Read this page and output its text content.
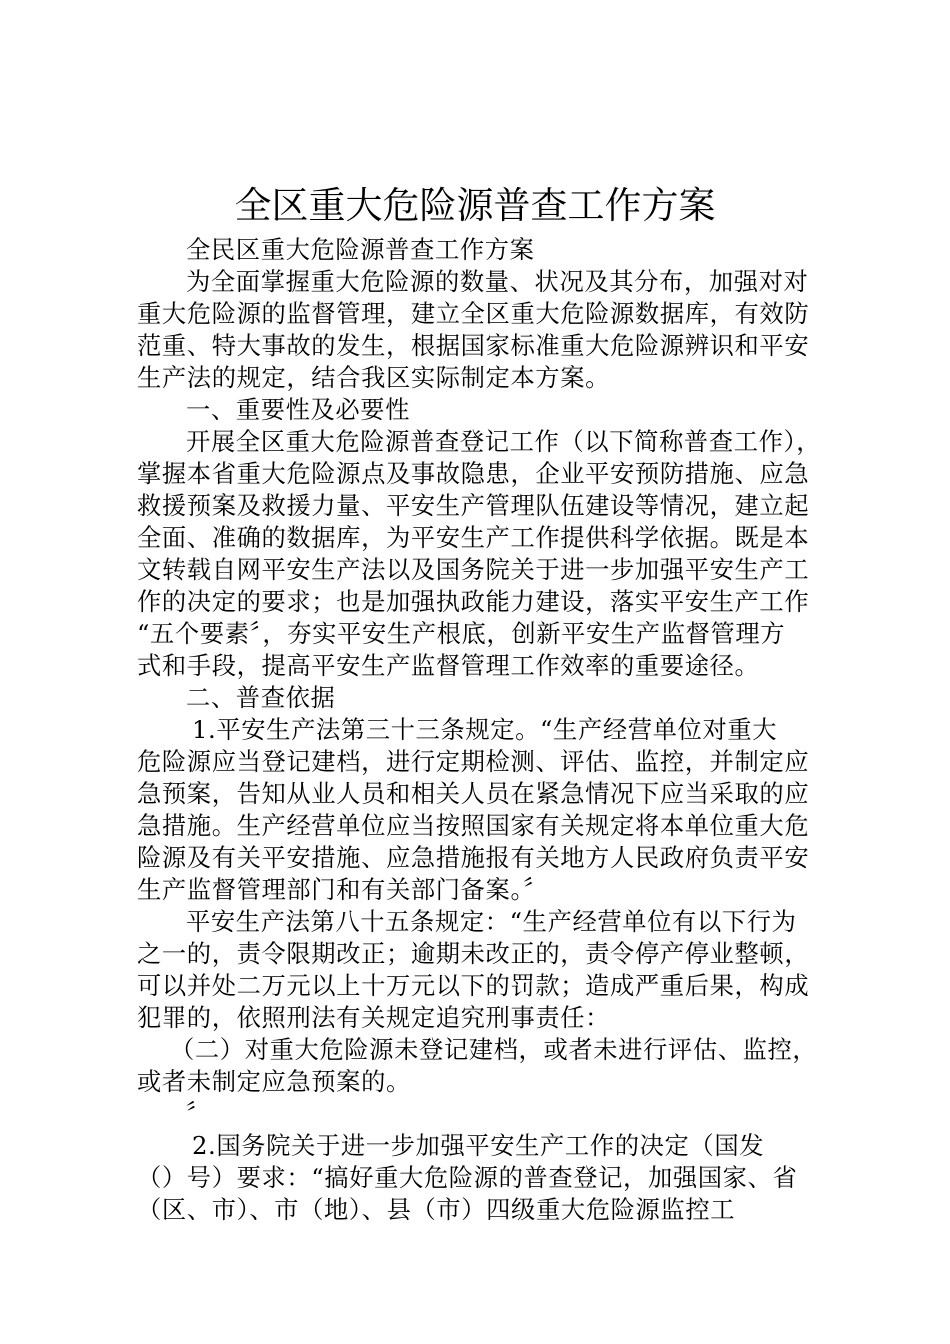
全区重大危险源普查工作方案
全民区重大危险源普查工作方案
为全面掌握重大危险源的数量、状况及其分布，加强对对
重大危险源的监督管理，建立全区重大危险源数据库，有效防
范重、特大事故的发生，根据国家标准重大危险源辨识和平安
生产法的规定，结合我区实际制定本方案。
一、重要性及必要性
开展全区重大危险源普查登记工作（以下简称普查工作），
掌握本省重大危险源点及事故隐患，企业平安预防措施、应急
救援预案及救援力量、平安生产管理队伍建设等情况，建立起
全面、准确的数据库，为平安生产工作提供科学依据。既是本
文转载自网平安生产法以及国务院关于进一步加强平安生产工
作的决定的要求；也是加强执政能力建设，落实平安生产工作
“五个要素〞，夯实平安生产根底，创新平安生产监督管理方
式和手段，提高平安生产监督管理工作效率的重要途径。
二、普查依据
1.平安生产法第三十三条规定。“生产经营单位对重大
危险源应当登记建档，进行定期检测、评估、监控，并制定应
急预案，告知从业人员和相关人员在紧急情况下应当采取的应
急措施。生产经营单位应当按照国家有关规定将本单位重大危
险源及有关平安措施、应急措施报有关地方人民政府负责平安
生产监督管理部门和有关部门备案。〞
平安生产法第八十五条规定：“生产经营单位有以下行为
之一的，责令限期改正；逾期未改正的，责令停产停业整顿，
可以并处二万元以上十万元以下的罚款；造成严重后果，构成
犯罪的，依照刑法有关规定追究刑事责任：
（二）对重大危险源未登记建档，或者未进行评估、监控，
或者未制定应急预案的。
〞
2.国务院关于进一步加强平安生产工作的决定（国发
（）号）要求：“搞好重大危险源的普查登记，加强国家、省
（区、市）、市（地）、县（市）四级重大危险源监控工
